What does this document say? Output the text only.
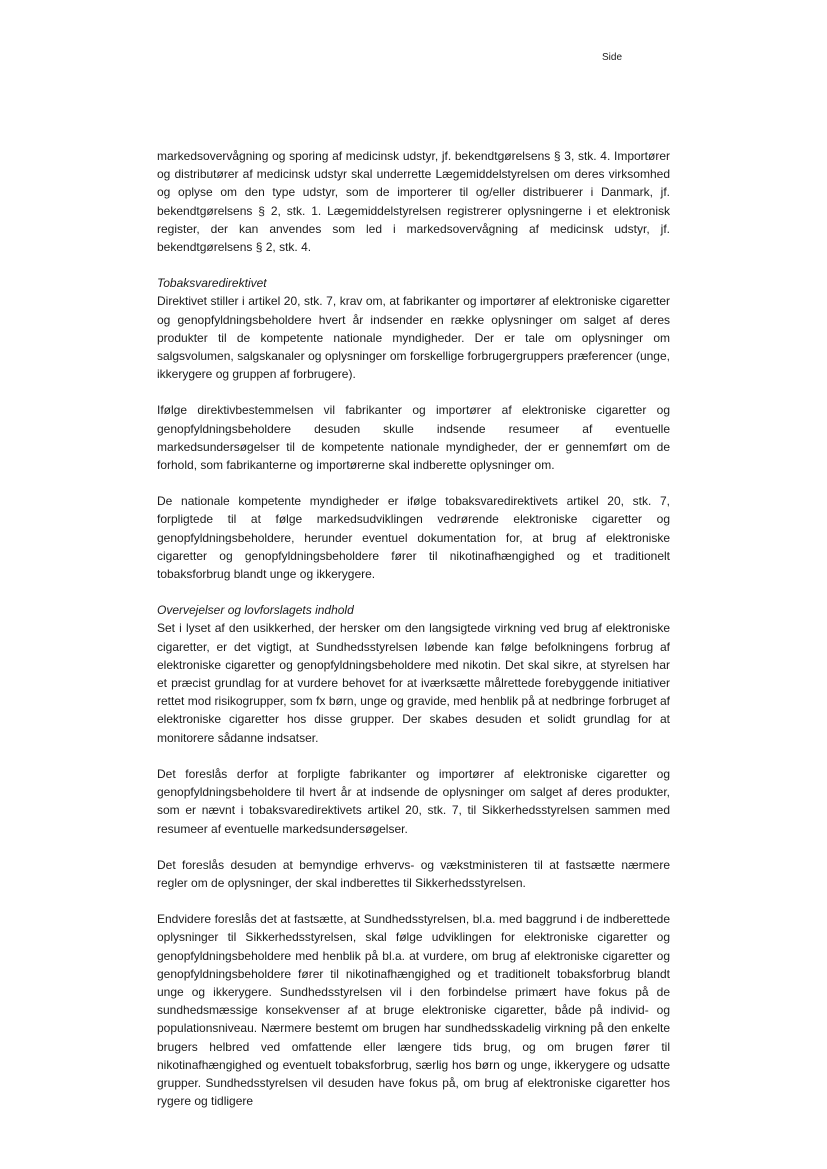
Side

markedsovervågning og sporing af medicinsk udstyr, jf. bekendtgørelsens § 3, stk. 4. Importører og distributører af medicinsk udstyr skal underrette Lægemiddelstyrelsen om deres virksomhed og oplyse om den type udstyr, som de importerer til og/eller distribuerer i Danmark, jf. bekendtgørelsens § 2, stk. 1. Lægemiddelstyrelsen registrerer oplysningerne i et elektronisk register, der kan anvendes som led i markedsovervågning af medicinsk udstyr, jf. bekendtgørelsens § 2, stk. 4.

Tobaksvaredirektivet

Direktivet stiller i artikel 20, stk. 7, krav om, at fabrikanter og importører af elektroniske cigaretter og genopfyldningsbeholdere hvert år indsender en række oplysninger om salget af deres produkter til de kompetente nationale myndigheder. Der er tale om oplysninger om salgsvolumen, salgskanaler og oplysninger om forskellige forbrugergruppers præferencer (unge, ikkerygere og gruppen af forbrugere).

Ifølge direktivbestemmelsen vil fabrikanter og importører af elektroniske cigaretter og genopfyldningsbeholdere desuden skulle indsende resumeer af eventuelle markedsundersøgelser til de kompetente nationale myndigheder, der er gennemført om de forhold, som fabrikanterne og importørerne skal indberette oplysninger om.

De nationale kompetente myndigheder er ifølge tobaksvaredirektivets artikel 20, stk. 7, forpligtede til at følge markedsudviklingen vedrørende elektroniske cigaretter og genopfyldningsbeholdere, herunder eventuel dokumentation for, at brug af elektroniske cigaretter og genopfyldningsbeholdere fører til nikotinafhængighed og et traditionelt tobaksforbrug blandt unge og ikkerygere.

Overvejelser og lovforslagets indhold

Set i lyset af den usikkerhed, der hersker om den langsigtede virkning ved brug af elektroniske cigaretter, er det vigtigt, at Sundhedsstyrelsen løbende kan følge befolkningens forbrug af elektroniske cigaretter og genopfyldningsbeholdere med nikotin. Det skal sikre, at styrelsen har et præcist grundlag for at vurdere behovet for at iværksætte målrettede forebyggende initiativer rettet mod risikogrupper, som fx børn, unge og gravide, med henblik på at nedbringe forbruget af elektroniske cigaretter hos disse grupper. Der skabes desuden et solidt grundlag for at monitorere sådanne indsatser.

Det foreslås derfor at forpligte fabrikanter og importører af elektroniske cigaretter og genopfyldningsbeholdere til hvert år at indsende de oplysninger om salget af deres produkter, som er nævnt i tobaksvaredirektivets artikel 20, stk. 7, til Sikkerhedsstyrelsen sammen med resumeer af eventuelle markedsundersøgelser.

Det foreslås desuden at bemyndige erhvervs- og vækstministeren til at fastsætte nærmere regler om de oplysninger, der skal indberettes til Sikkerhedsstyrelsen.

Endvidere foreslås det at fastsætte, at Sundhedsstyrelsen, bl.a. med baggrund i de indberettede oplysninger til Sikkerhedsstyrelsen, skal følge udviklingen for elektroniske cigaretter og genopfyldningsbeholdere med henblik på bl.a. at vurdere, om brug af elektroniske cigaretter og genopfyldningsbeholdere fører til nikotinafhængighed og et traditionelt tobaksforbrug blandt unge og ikkerygere. Sundhedsstyrelsen vil i den forbindelse primært have fokus på de sundhedsmæssige konsekvenser af at bruge elektroniske cigaretter, både på individ- og populationsniveau. Nærmere bestemt om brugen har sundhedsskadelig virkning på den enkelte brugers helbred ved omfattende eller længere tids brug, og om brugen fører til nikotinafhængighed og eventuelt tobaksforbrug, særlig hos børn og unge, ikkerygere og udsatte grupper. Sundhedsstyrelsen vil desuden have fokus på, om brug af elektroniske cigaretter hos rygere og tidligere
